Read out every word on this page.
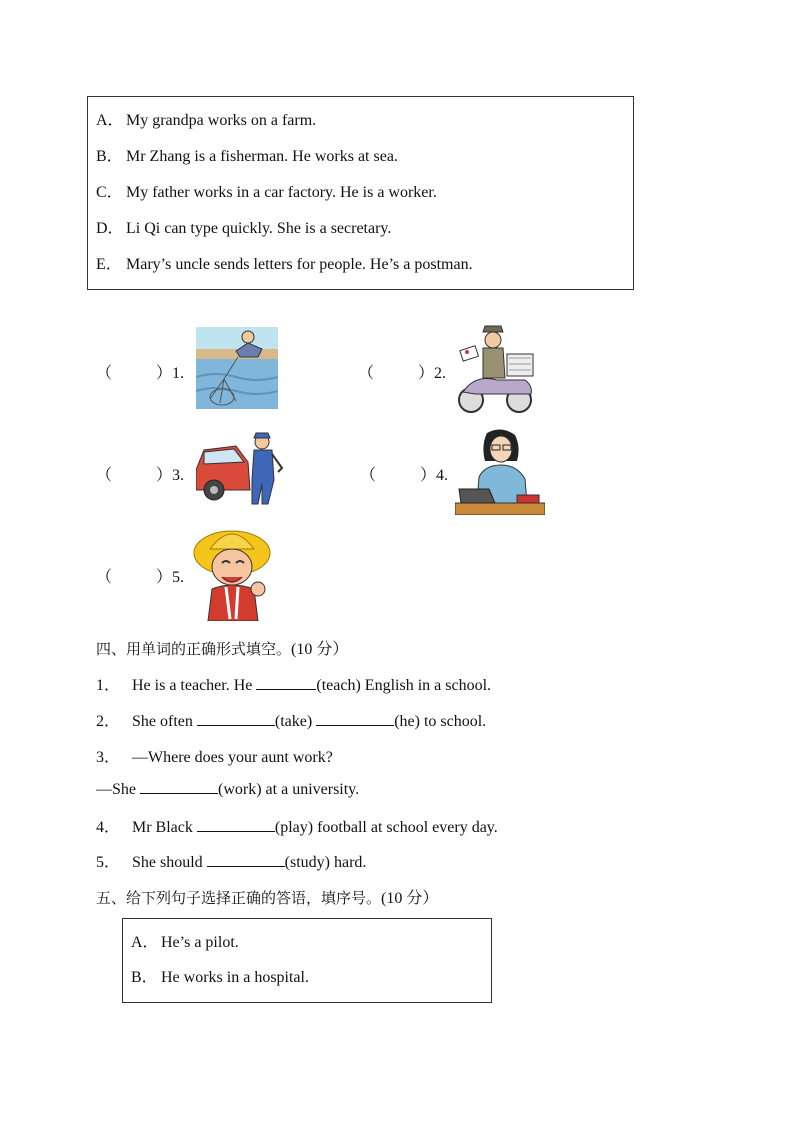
A． My grandpa works on a farm.
B． Mr Zhang is a fisherman. He works at sea.
C． My father works in a car factory. He is a worker.
D． Li Qi can type quickly. She is a secretary.
E． Mary’s uncle sends letters for people. He’s a postman.
（	）1.	（	）2.
（	）3.	（	）4.
（	）5.
四、用单词的正确形式填空。(10 分）
1． He is a teacher. He	(teach) English in a school.
2． She often	(take)	(he) to school.
3． —Where does your aunt work?
—She	(work) at a university.
4． Mr Black	(play) football at school every day.
5． She should	(study) hard.
五、给下列句子选择正确的答语，填序号。(10 分）
A． He’s a pilot.
B． He works in a hospital.
